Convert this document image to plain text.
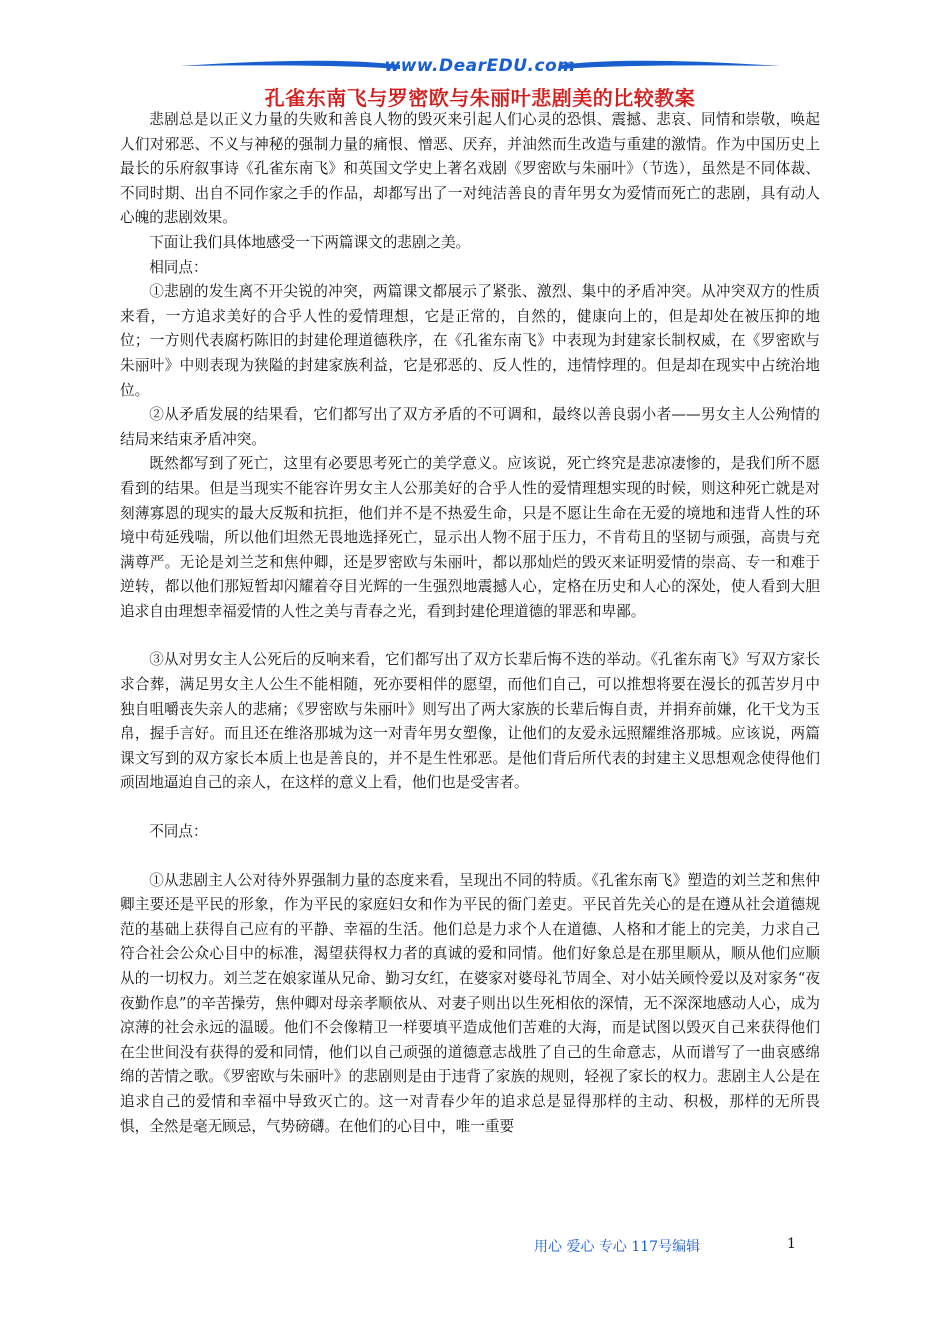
www.DearEDU.com
孔雀东南飞与罗密欧与朱丽叶悲剧美的比较教案

悲剧总是以正义力量的失败和善良人物的毁灭来引起人们心灵的恐惧、震撼、悲哀、同情和崇敬，唤起人们对邪恶、不义与神秘的强制力量的痛恨、憎恶、厌弃，并油然而生改造与重建的激情。作为中国历史上最长的乐府叙事诗《孔雀东南飞》和英国文学史上著名戏剧《罗密欧与朱丽叶》（节选），虽然是不同体裁、不同时期、出自不同作家之手的作品，却都写出了一对纯洁善良的青年男女为爱情而死亡的悲剧，具有动人心魄的悲剧效果。

下面让我们具体地感受一下两篇课文的悲剧之美。

相同点：

①悲剧的发生离不开尖锐的冲突，两篇课文都展示了紧张、激烈、集中的矛盾冲突。从冲突双方的性质来看，一方追求美好的合乎人性的爱情理想，它是正常的，自然的，健康向上的，但是却处在被压抑的地位；一方则代表腐朽陈旧的封建伦理道德秩序，在《孔雀东南飞》中表现为封建家长制权威，在《罗密欧与朱丽叶》中则表现为狭隘的封建家族利益，它是邪恶的、反人性的，违情悖理的。但是却在现实中占统治地位。

②从矛盾发展的结果看，它们都写出了双方矛盾的不可调和，最终以善良弱小者——男女主人公殉情的结局来结束矛盾冲突。

既然都写到了死亡，这里有必要思考死亡的美学意义。应该说，死亡终究是悲凉凄惨的，是我们所不愿看到的结果。但是当现实不能容许男女主人公那美好的合乎人性的爱情理想实现的时候，则这种死亡就是对刻薄寡恩的现实的最大反叛和抗拒，他们并不是不热爱生命，只是不愿让生命在无爱的境地和违背人性的环境中苟延残喘，所以他们坦然无畏地选择死亡，显示出人物不屈于压力，不肯苟且的坚韧与顽强，高贵与充满尊严。无论是刘兰芝和焦仲卿，还是罗密欧与朱丽叶，都以那灿烂的毁灭来证明爱情的崇高、专一和难于逆转，都以他们那短暂却闪耀着夺目光辉的一生强烈地震撼人心，定格在历史和人心的深处，使人看到大胆追求自由理想幸福爱情的人性之美与青春之光，看到封建伦理道德的罪恶和卑鄙。

③从对男女主人公死后的反响来看，它们都写出了双方长辈后悔不迭的举动。《孔雀东南飞》写双方家长求合葬，满足男女主人公生不能相随，死亦要相伴的愿望，而他们自己，可以推想将要在漫长的孤苦岁月中独自咀嚼丧失亲人的悲痛；《罗密欧与朱丽叶》则写出了两大家族的长辈后悔自责，并捐弃前嫌，化干戈为玉帛，握手言好。而且还在维洛那城为这一对青年男女塑像，让他们的友爱永远照耀维洛那城。应该说，两篇课文写到的双方家长本质上也是善良的，并不是生性邪恶。是他们背后所代表的封建主义思想观念使得他们顽固地逼迫自己的亲人，在这样的意义上看，他们也是受害者。

不同点：

①从悲剧主人公对待外界强制力量的态度来看，呈现出不同的特质。《孔雀东南飞》塑造的刘兰芝和焦仲卿主要还是平民的形象，作为平民的家庭妇女和作为平民的衙门差吏。平民首先关心的是在遵从社会道德规范的基础上获得自己应有的平静、幸福的生活。他们总是力求个人在道德、人格和才能上的完美，力求自己符合社会公众心目中的标准，渴望获得权力者的真诚的爱和同情。他们好象总是在那里顺从，顺从他们应顺从的一切权力。刘兰芝在娘家谨从兄命、勤习女红，在婆家对婆母礼节周全、对小姑关顾怜爱以及对家务“夜夜勤作息”的辛苦操劳，焦仲卿对母亲孝顺依从、对妻子则出以生死相依的深情，无不深深地感动人心，成为凉薄的社会永远的温暖。他们不会像精卫一样要填平造成他们苦难的大海，而是试图以毁灭自己来获得他们在尘世间没有获得的爱和同情，他们以自己顽强的道德意志战胜了自己的生命意志，从而谱写了一曲哀感绵绵的苦情之歌。《罗密欧与朱丽叶》的悲剧则是由于违背了家族的规则，轻视了家长的权力。悲剧主人公是在追求自己的爱情和幸福中导致灭亡的。这一对青春少年的追求总是显得那样的主动、积极，那样的无所畏惧，全然是毫无顾忌，气势磅礴。在他们的心目中，唯一重要

用心 爱心 专心 117号编辑	1
